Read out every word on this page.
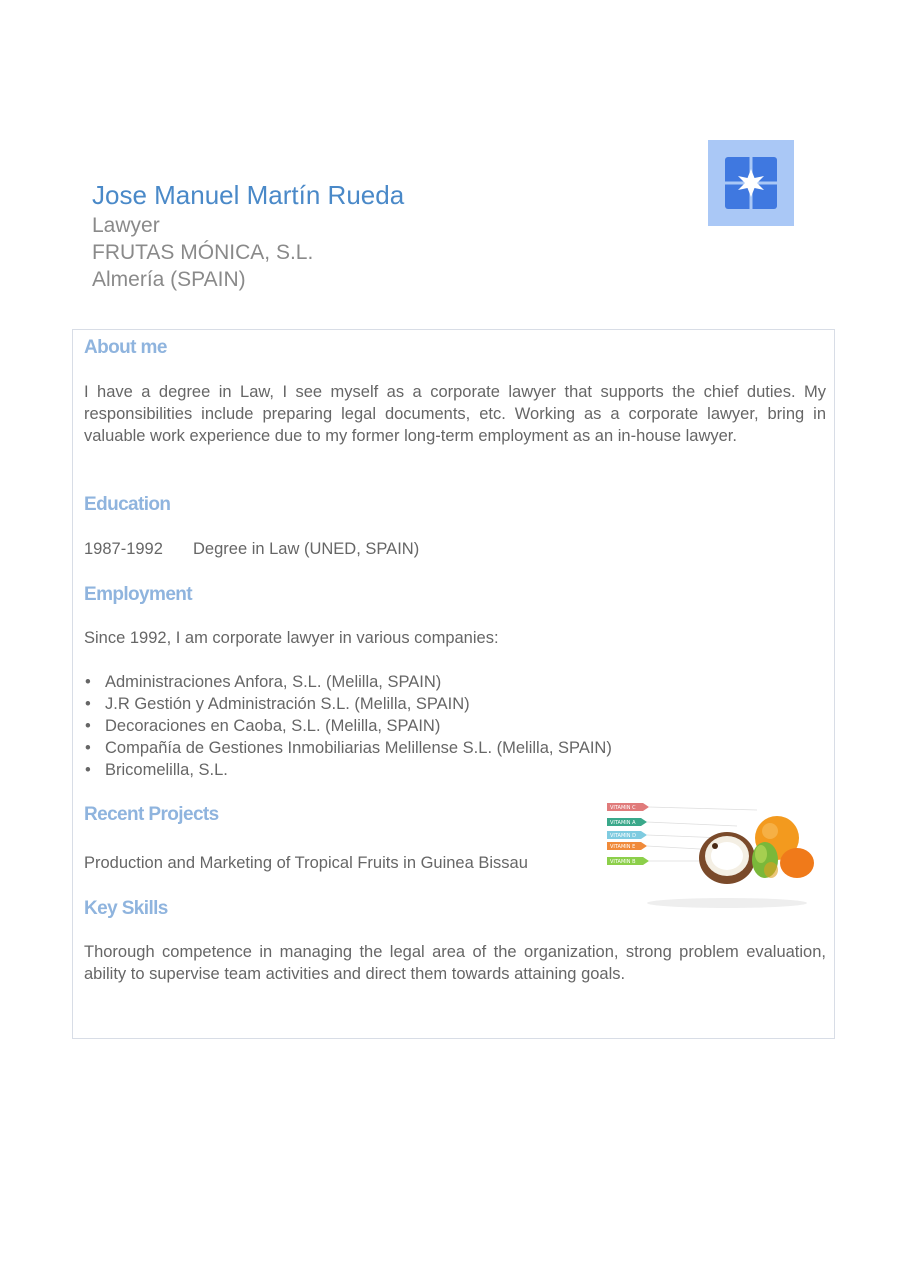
Jose Manuel Martín Rueda
Lawyer
FRUTAS MÓNICA, S.L.
Almería (SPAIN)
About me

I have a degree in Law, I see myself as a corporate lawyer that supports the chief duties. My responsibilities include preparing legal documents, etc. Working as a corporate lawyer, bring in valuable work experience due to my former long-term employment as an in-house lawyer.

Education
1987-1992 Degree in Law (UNED, SPAIN)
Employment

Since 1992, I am corporate lawyer in various companies:

• Administraciones Anfora, S.L. (Melilla, SPAIN)
• J.R Gestión y Administración S.L. (Melilla, SPAIN)
• Decoraciones en Caoba, S.L. (Melilla, SPAIN)
• Compañía de Gestiones Inmobiliarias Melillense S.L. (Melilla, SPAIN)
• Bricomelilla, S.L.
Recent Projects

Production and Marketing of Tropical Fruits in Guinea Bissau

Key Skills

Thorough competence in managing the legal area of the organization, strong problem evaluation, ability to supervise team activities and direct them towards attaining goals.

VITAMIN C
VITAMIN A
VITAMIN D
VITAMIN E
VITAMIN B
